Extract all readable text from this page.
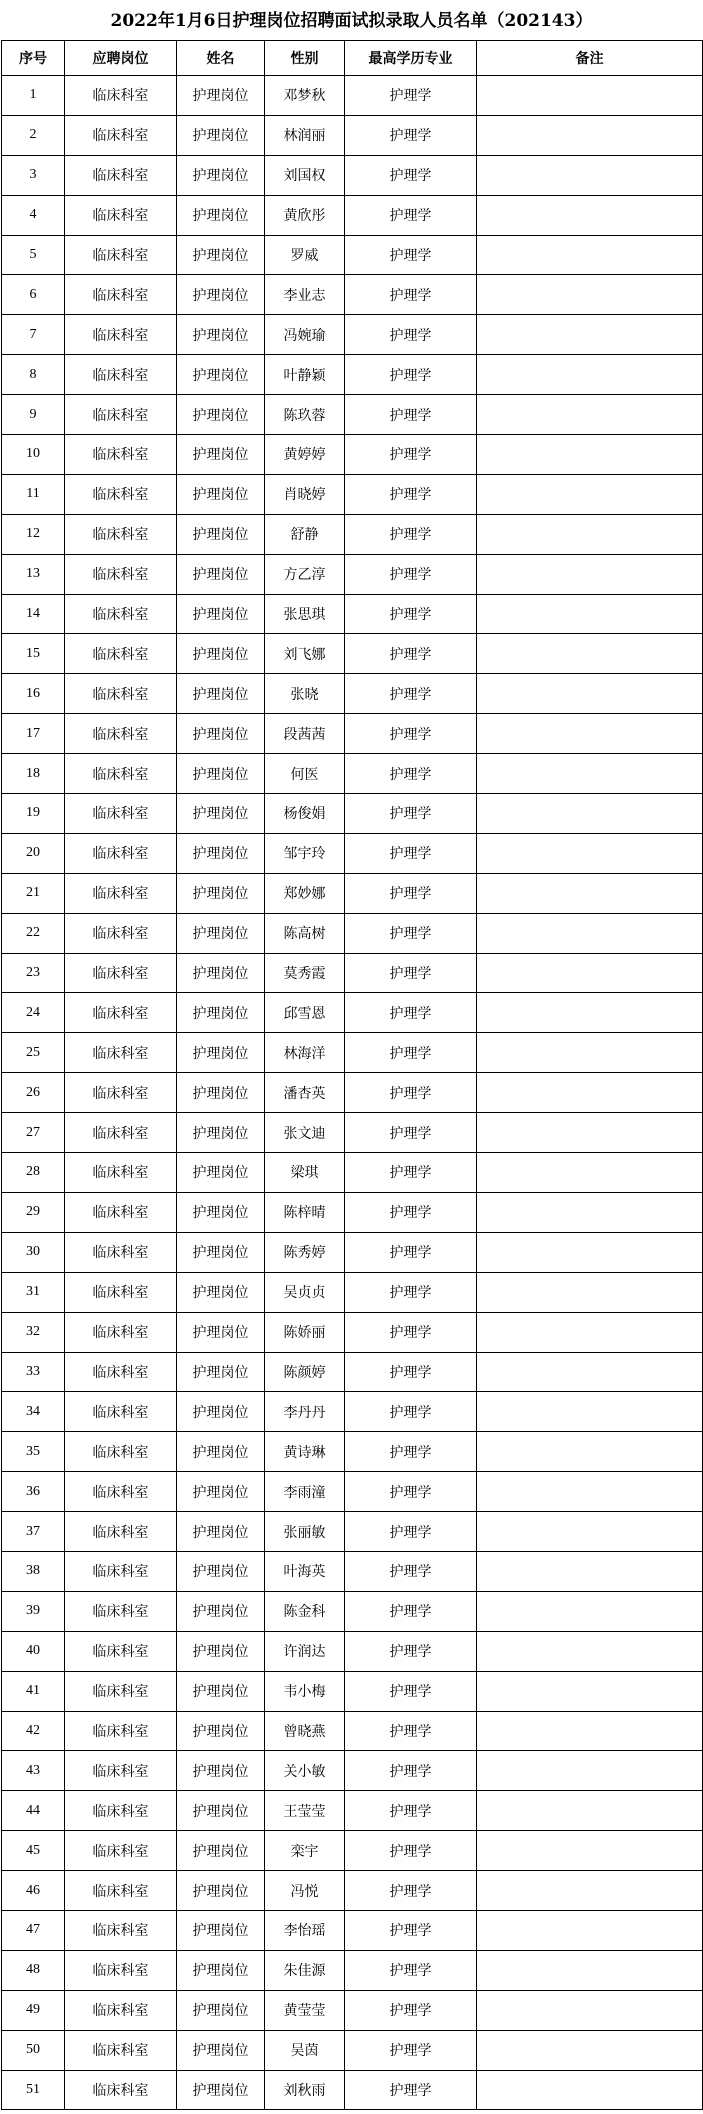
2022年1月6日护理岗位招聘面试拟录取人员名单（202143）
序号	应聘岗位	姓名	性别	最高学历专业	备注
1	临床科室	护理岗位	邓梦秋	护理学	
2	临床科室	护理岗位	林润丽	护理学	
3	临床科室	护理岗位	刘国权	护理学	
4	临床科室	护理岗位	黄欣彤	护理学	
5	临床科室	护理岗位	罗威	护理学	
6	临床科室	护理岗位	李业志	护理学	
7	临床科室	护理岗位	冯婉瑜	护理学	
8	临床科室	护理岗位	叶静颖	护理学	
9	临床科室	护理岗位	陈玖蓉	护理学	
10	临床科室	护理岗位	黄婷婷	护理学	
11	临床科室	护理岗位	肖晓婷	护理学	
12	临床科室	护理岗位	舒静	护理学	
13	临床科室	护理岗位	方乙淳	护理学	
14	临床科室	护理岗位	张思琪	护理学	
15	临床科室	护理岗位	刘飞娜	护理学	
16	临床科室	护理岗位	张晓	护理学	
17	临床科室	护理岗位	段茜茜	护理学	
18	临床科室	护理岗位	何医	护理学	
19	临床科室	护理岗位	杨俊娟	护理学	
20	临床科室	护理岗位	邹宇玲	护理学	
21	临床科室	护理岗位	郑妙娜	护理学	
22	临床科室	护理岗位	陈高树	护理学	
23	临床科室	护理岗位	莫秀霞	护理学	
24	临床科室	护理岗位	邱雪恩	护理学	
25	临床科室	护理岗位	林海洋	护理学	
26	临床科室	护理岗位	潘杏英	护理学	
27	临床科室	护理岗位	张文迪	护理学	
28	临床科室	护理岗位	梁琪	护理学	
29	临床科室	护理岗位	陈梓晴	护理学	
30	临床科室	护理岗位	陈秀婷	护理学	
31	临床科室	护理岗位	吴贞贞	护理学	
32	临床科室	护理岗位	陈娇丽	护理学	
33	临床科室	护理岗位	陈颜婷	护理学	
34	临床科室	护理岗位	李丹丹	护理学	
35	临床科室	护理岗位	黄诗琳	护理学	
36	临床科室	护理岗位	李雨潼	护理学	
37	临床科室	护理岗位	张丽敏	护理学	
38	临床科室	护理岗位	叶海英	护理学	
39	临床科室	护理岗位	陈金科	护理学	
40	临床科室	护理岗位	许润达	护理学	
41	临床科室	护理岗位	韦小梅	护理学	
42	临床科室	护理岗位	曾晓燕	护理学	
43	临床科室	护理岗位	关小敏	护理学	
44	临床科室	护理岗位	王莹莹	护理学	
45	临床科室	护理岗位	栾宇	护理学	
46	临床科室	护理岗位	冯悦	护理学	
47	临床科室	护理岗位	李怡瑶	护理学	
48	临床科室	护理岗位	朱佳源	护理学	
49	临床科室	护理岗位	黄莹莹	护理学	
50	临床科室	护理岗位	吴茵	护理学	
51	临床科室	护理岗位	刘秋雨	护理学	
